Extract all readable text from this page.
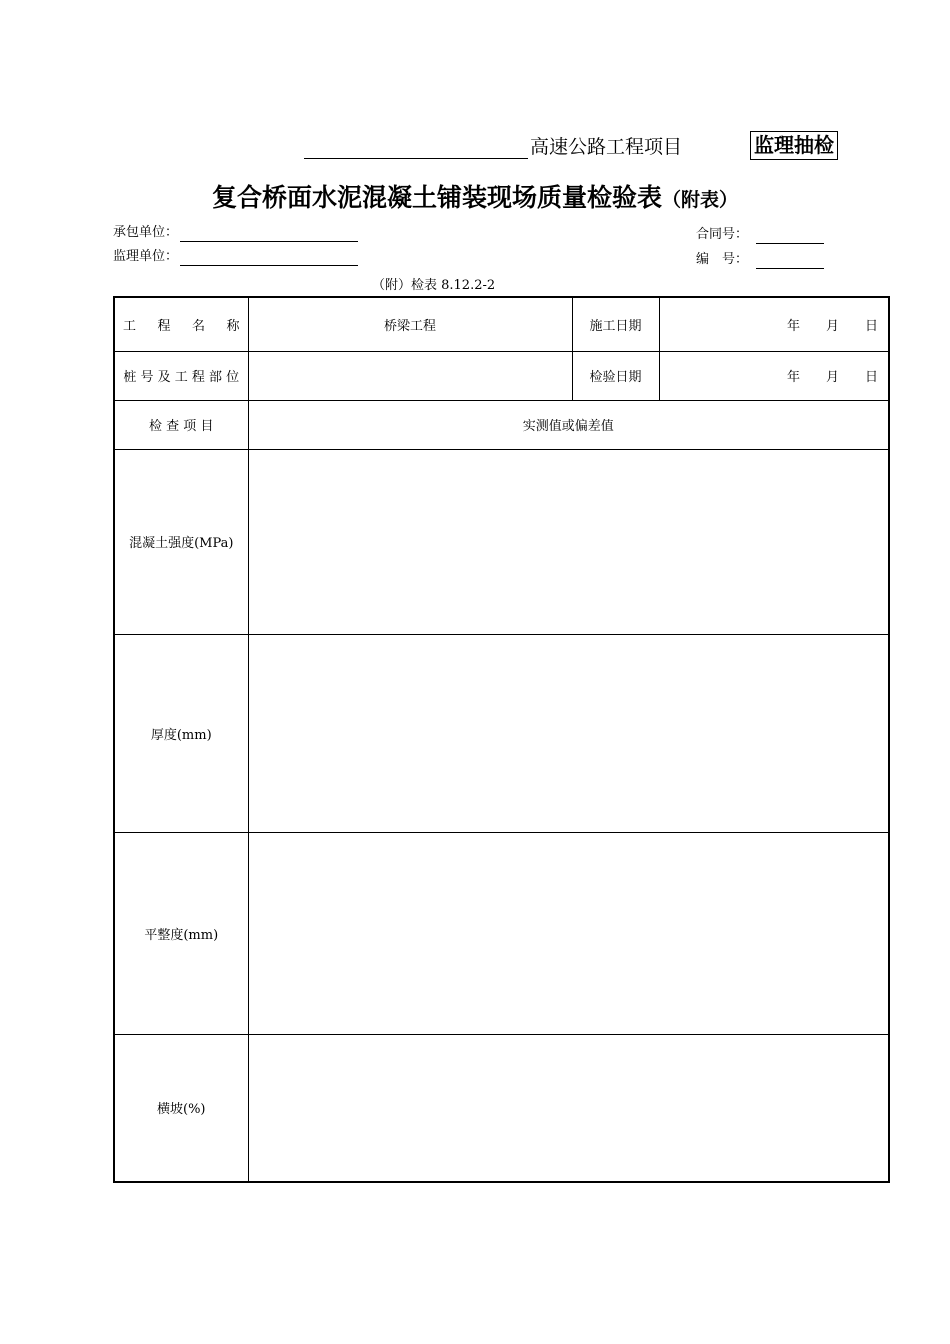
高速公路工程项目	监理抽检
复合桥面水泥混凝土铺装现场质量检验表（附表）
承包单位：
监理单位：
合同号：
编　号：
（附）检表 8.12.2-2
工 程 名 称	桥梁工程	施工日期	年　　月　　日
桩 号 及 工 程 部 位		检验日期	年　　月　　日
检 查 项 目	实测值或偏差值		
混凝土强度(MPa)			
厚度(mm)			
平整度(mm)			
横坡(%)			
